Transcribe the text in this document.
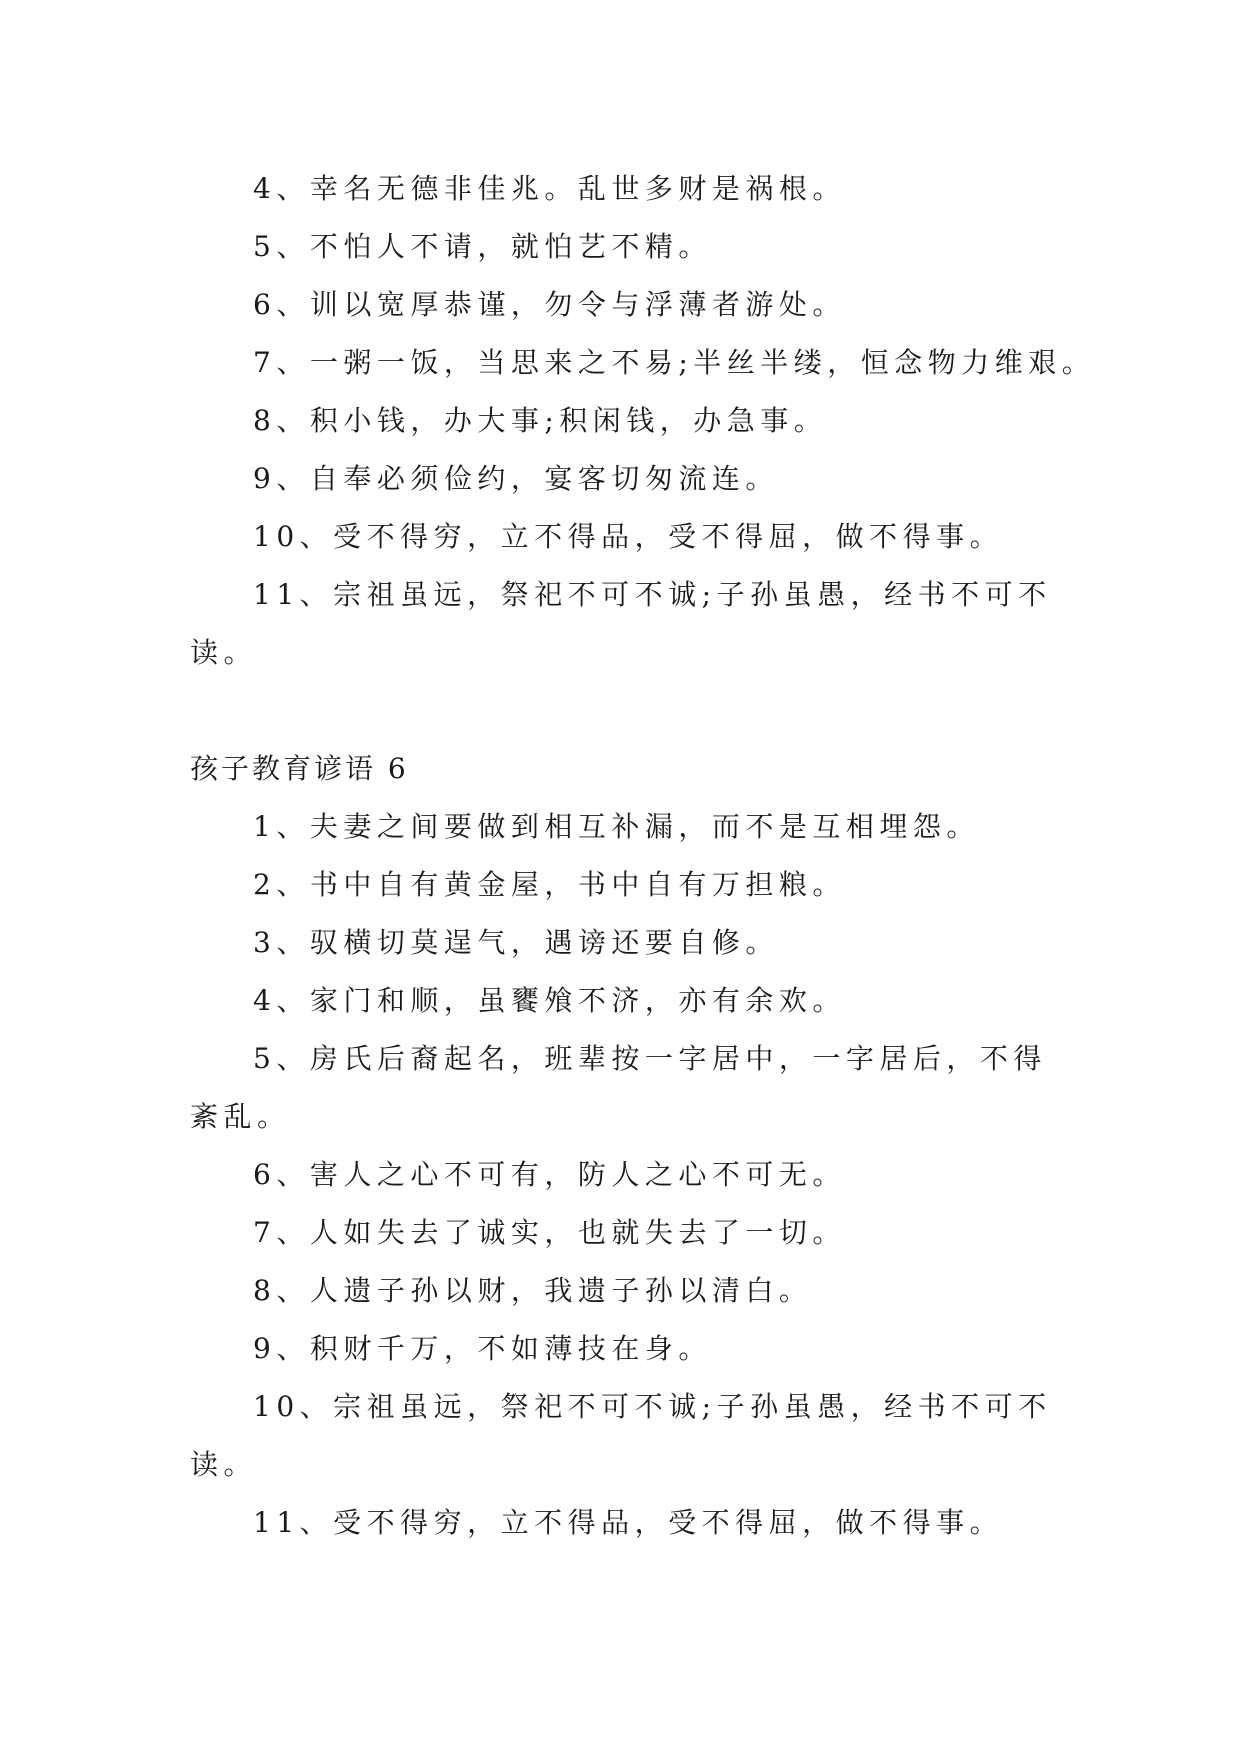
4、幸名无德非佳兆。乱世多财是祸根。

5、不怕人不请，就怕艺不精。

6、训以宽厚恭谨，勿令与浮薄者游处。

7、一粥一饭，当思来之不易;半丝半缕，恒念物力维艰。

8、积小钱，办大事;积闲钱，办急事。

9、自奉必须俭约，宴客切匆流连。

10、受不得穷，立不得品，受不得屈，做不得事。

11、宗祖虽远，祭祀不可不诚;子孙虽愚，经书不可不

读。

孩子教育谚语 6

1、夫妻之间要做到相互补漏，而不是互相埋怨。

2、书中自有黄金屋，书中自有万担粮。

3、驭横切莫逞气，遇谤还要自修。

4、家门和顺，虽饔飧不济，亦有余欢。

5、房氏后裔起名，班辈按一字居中，一字居后，不得

紊乱。

6、害人之心不可有，防人之心不可无。

7、人如失去了诚实，也就失去了一切。

8、人遗子孙以财，我遗子孙以清白。

9、积财千万，不如薄技在身。

10、宗祖虽远，祭祀不可不诚;子孙虽愚，经书不可不

读。

11、受不得穷，立不得品，受不得屈，做不得事。
